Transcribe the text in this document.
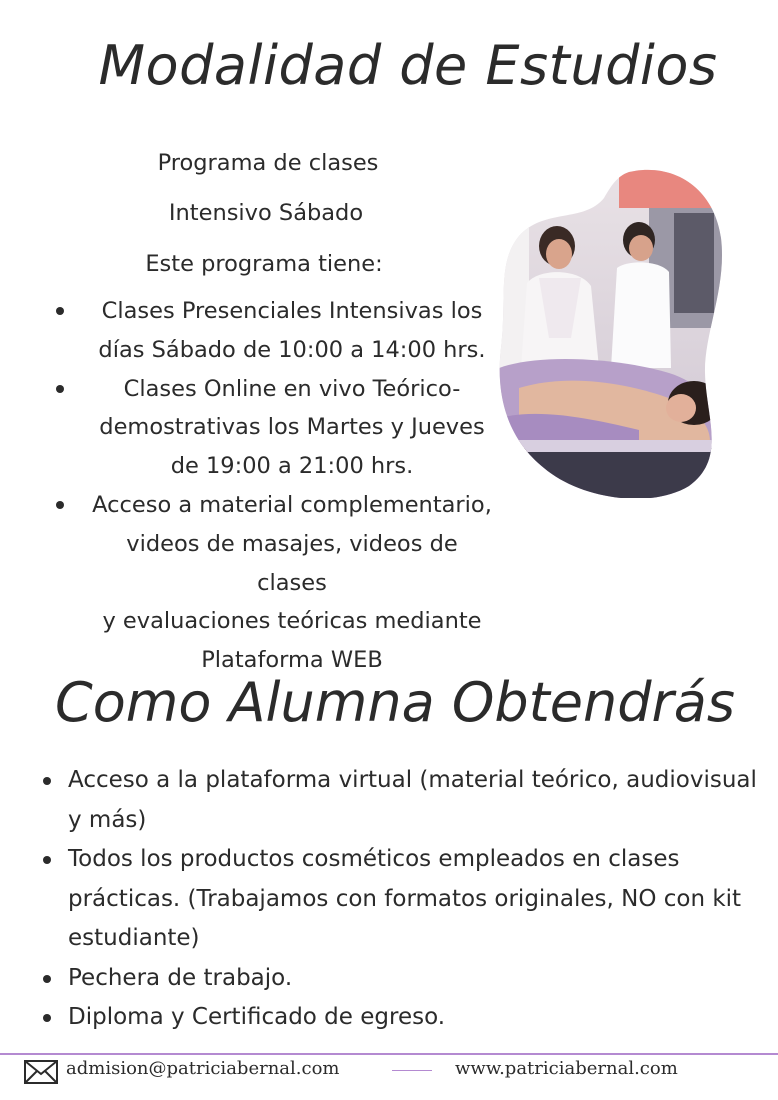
Modalidad de Estudios

Programa de clases

Intensivo Sábado

Este programa tiene:

Clases Presenciales Intensivas los
días Sábado de 10:00 a 14:00 hrs.
Clases Online en vivo Teórico-
demostrativas los Martes y Jueves
de 19:00 a 21:00 hrs.
Acceso a material complementario,
videos de masajes, videos de clases
y evaluaciones teóricas mediante
Plataforma WEB
Como Alumna Obtendrás
Acceso a la plataforma virtual (material teórico, audiovisual
y más)
Todos los productos cosméticos empleados en clases
prácticas. (Trabajamos con formatos originales, NO con kit
estudiante)
Pechera de trabajo.
Diploma y Certificado de egreso.
admision@patriciabernal.com	www.patriciabernal.com
